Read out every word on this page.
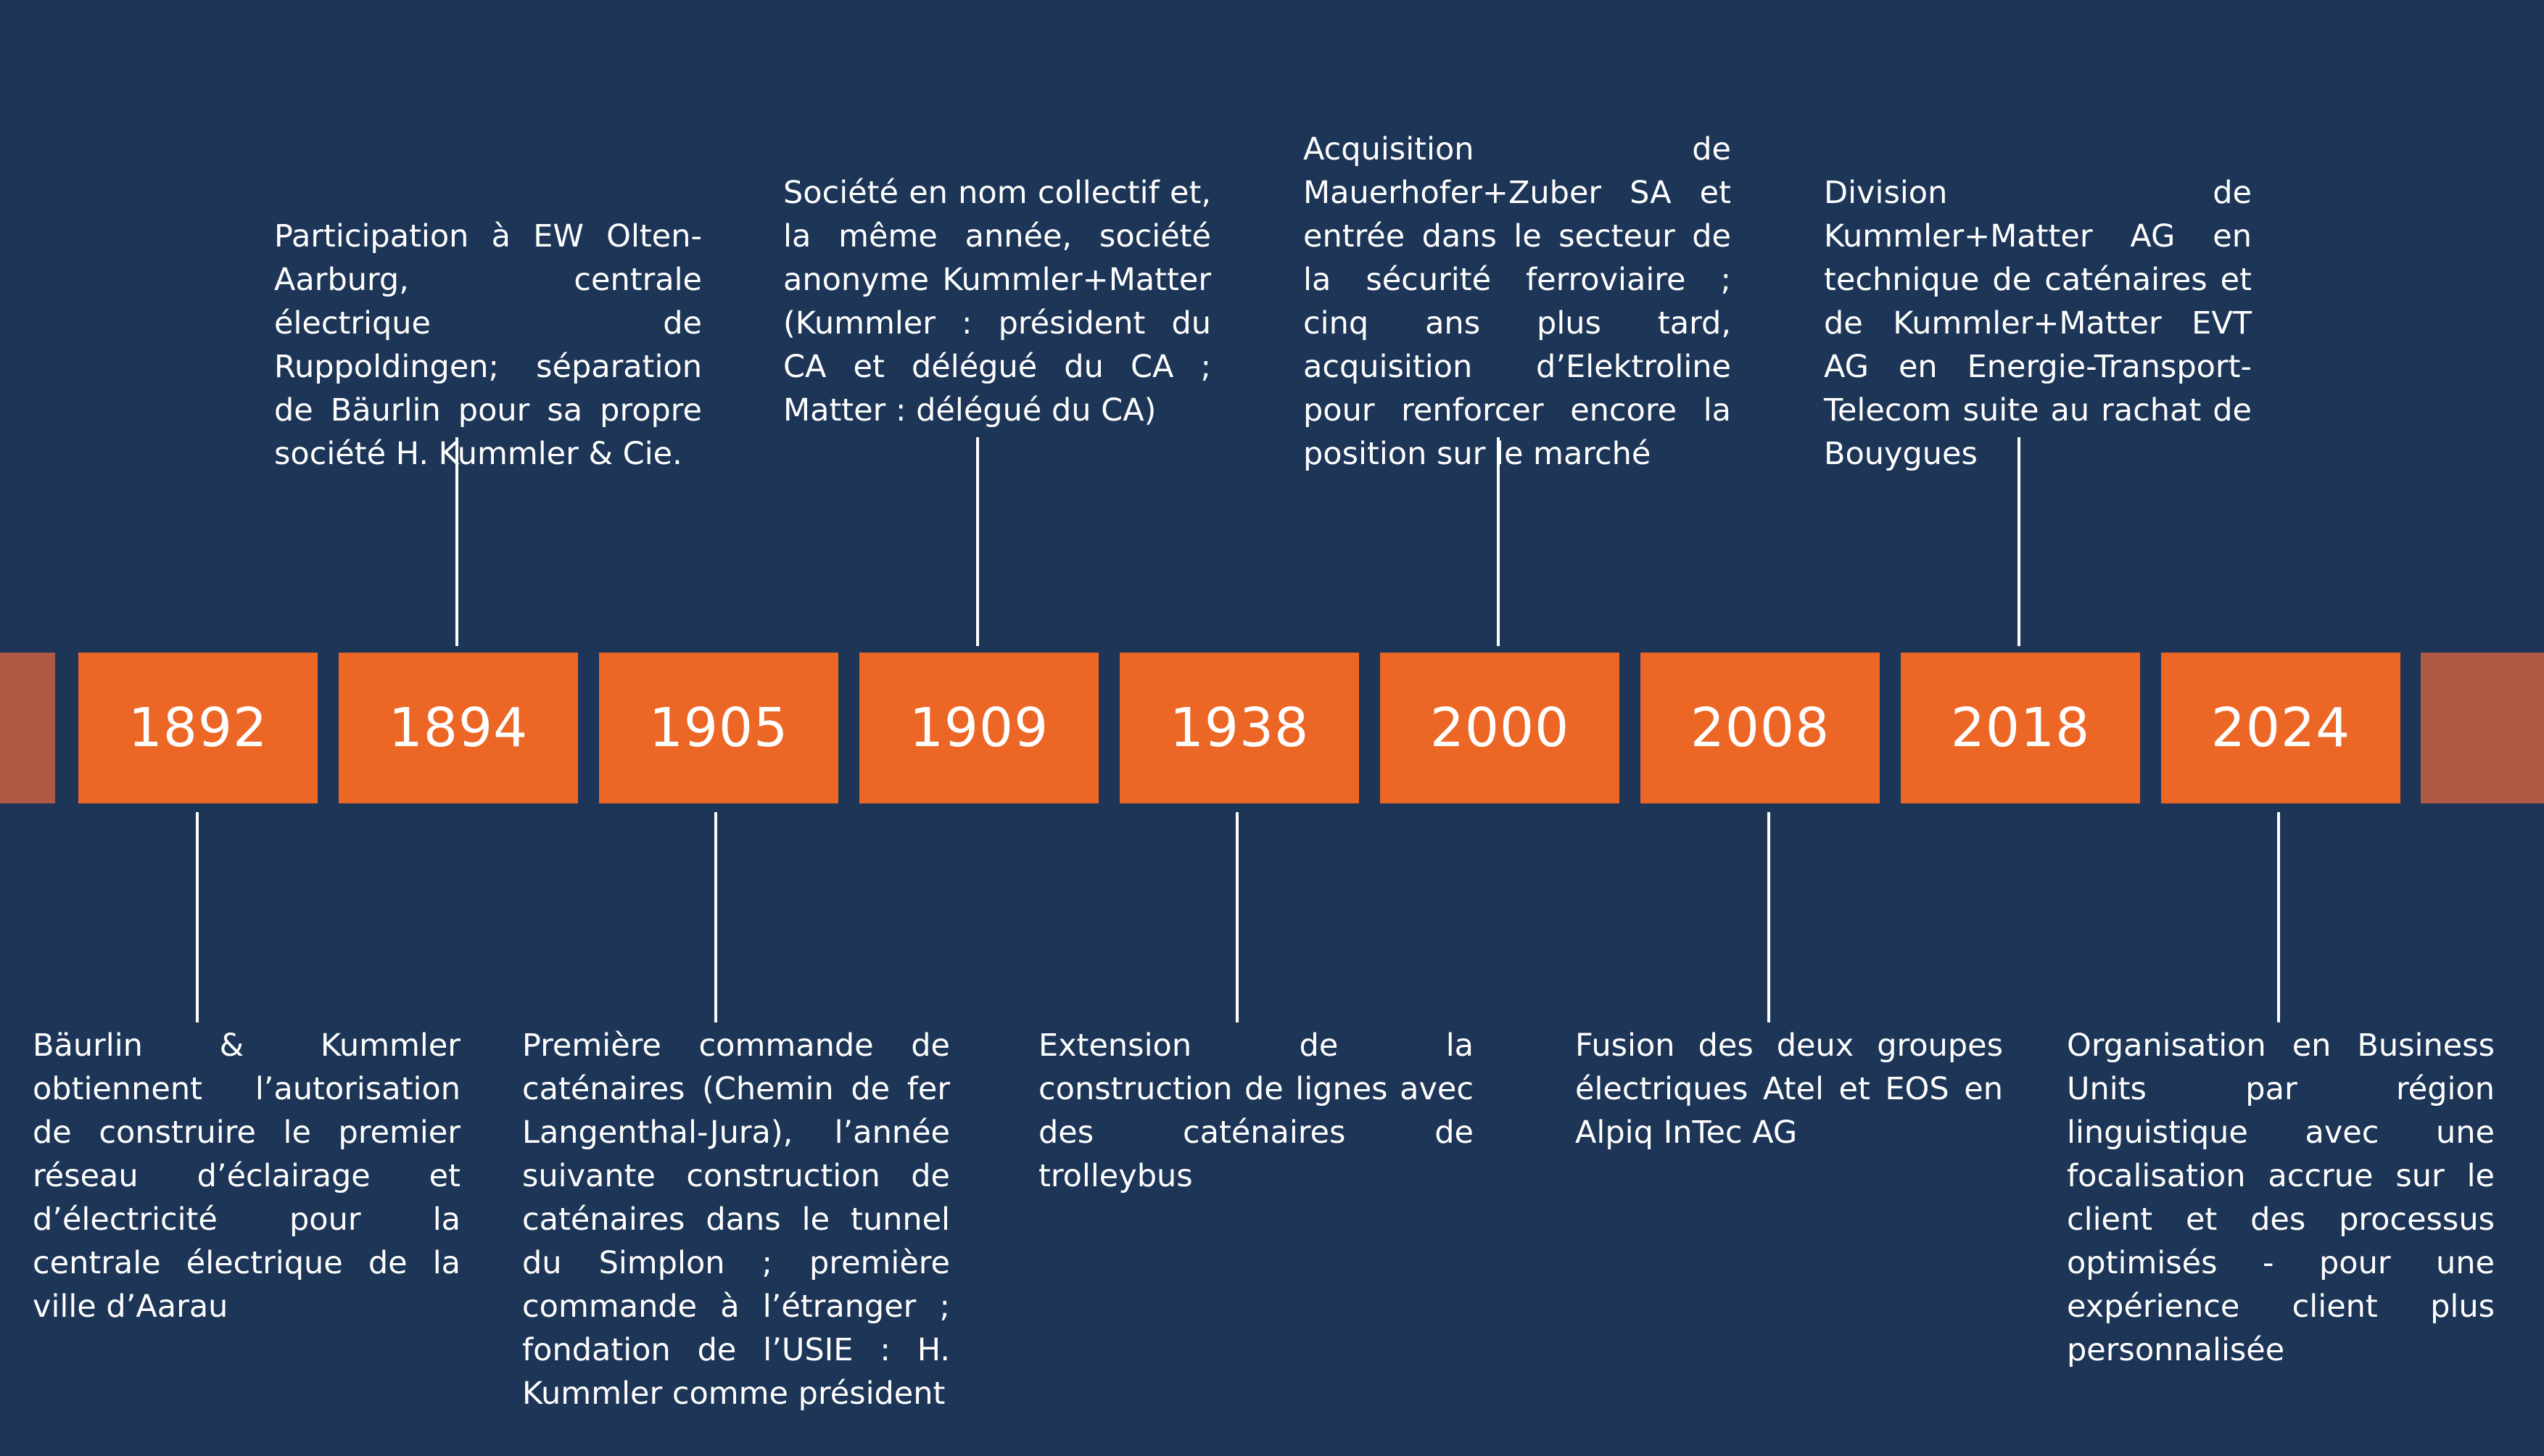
1892	1894	1905	1909	1938	2000	2008	2018	2024
Participation à EW Olten-Aarburg, centrale électrique de Ruppoldingen; séparation de Bäurlin pour sa propre société H. Kummler & Cie.
Société en nom collectif et, la même année, société anonyme Kummler+Matter (Kummler : président du CA et délégué du CA ; Matter : délégué du CA)
Acquisition de Mauerhofer+Zuber SA et entrée dans le secteur de la sécurité ferroviaire ; cinq ans plus tard, acquisition d’Elektroline pour renforcer encore la position sur le marché
Division de Kummler+Matter AG en technique de caténaires et de Kummler+Matter EVT AG en Energie-Transport-Telecom suite au rachat de Bouygues
Bäurlin & Kummler obtiennent l’autorisation de construire le premier réseau d’éclairage et d’électricité pour la centrale électrique de la ville d’Aarau
Première commande de caténaires (Chemin de fer Langenthal-Jura), l’année suivante construction de caténaires dans le tunnel du Simplon ; première commande à l’étranger ; fondation de l’USIE : H. Kummler comme président
Extension de la construction de lignes avec des caténaires de trolleybus
Fusion des deux groupes électriques Atel et EOS en Alpiq InTec AG
Organisation en Business Units par région linguistique avec une focalisation accrue sur le client et des processus optimisés - pour une expérience client plus personnalisée
